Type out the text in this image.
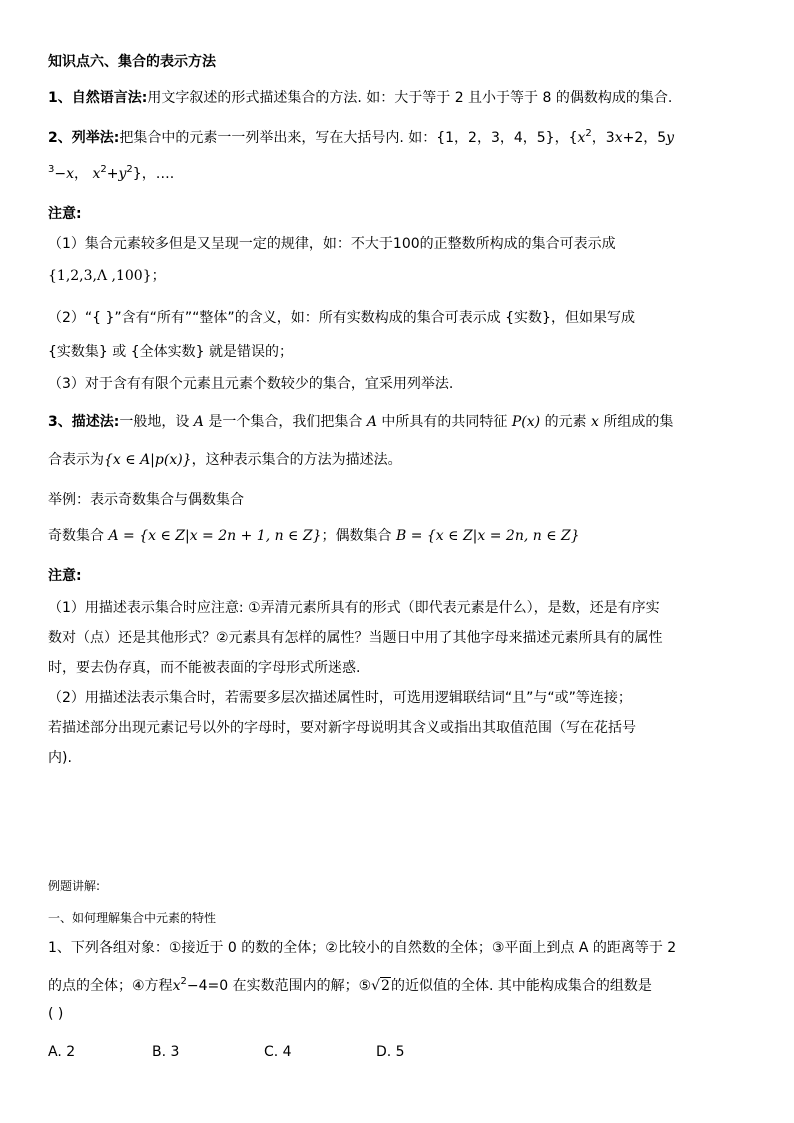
知识点六、集合的表示方法
1、自然语言法:用文字叙述的形式描述集合的方法. 如：大于等于 2 且小于等于 8 的偶数构成的集合.
2、列举法:把集合中的元素一一列举出来，写在大括号内. 如：{1，2，3，4，5}，{$x^2$，3x+2，5y
$^3$−x， $x^2+y^2$}，….
注意:
（1）集合元素较多但是又呈现一定的规律，如：不大于100的正整数所构成的集合可表示成
{1,2,3,Λ ,100}；
（2）“{ }”含有“所有”“整体”的含义，如：所有实数构成的集合可表示成 {实数}，但如果写成
{实数集} 或 {全体实数} 就是错误的；
（3）对于含有有限个元素且元素个数较少的集合，宜采用列举法.
3、描述法:一般地，设 A 是一个集合，我们把集合 A 中所具有的共同特征 P(x) 的元素 x 所组成的集
合表示为{x ∈ A|p(x)}，这种表示集合的方法为描述法。
举例：表示奇数集合与偶数集合
奇数集合 A = {x ∈ Z|x = 2n + 1, n ∈ Z}；偶数集合 B = {x ∈ Z|x = 2n, n ∈ Z}
注意:
（1）用描述表示集合时应注意: ①弄清元素所具有的形式（即代表元素是什么），是数，还是有序实
数对（点）还是其他形式？②元素具有怎样的属性？当题日中用了其他字母来描述元素所具有的属性
时，要去伪存真，而不能被表面的字母形式所迷惑.
（2）用描述法表示集合时，若需要多层次描述属性时，可选用逻辑联结词“且”与“或”等连接；
若描述部分出现元素记号以外的字母时，要对新字母说明其含义或指出其取值范围（写在花括号
内).
例题讲解:
一、如何理解集合中元素的特性
1、下列各组对象：①接近于 0 的数的全体；②比较小的自然数的全体；③平面上到点 A 的距离等于 2
的点的全体；④方程$x^2-4=0$ 在实数范围内的解；⑤√2的近似值的全体. 其中能构成集合的组数是
( )
A. 2	B. 3	C. 4	D. 5
